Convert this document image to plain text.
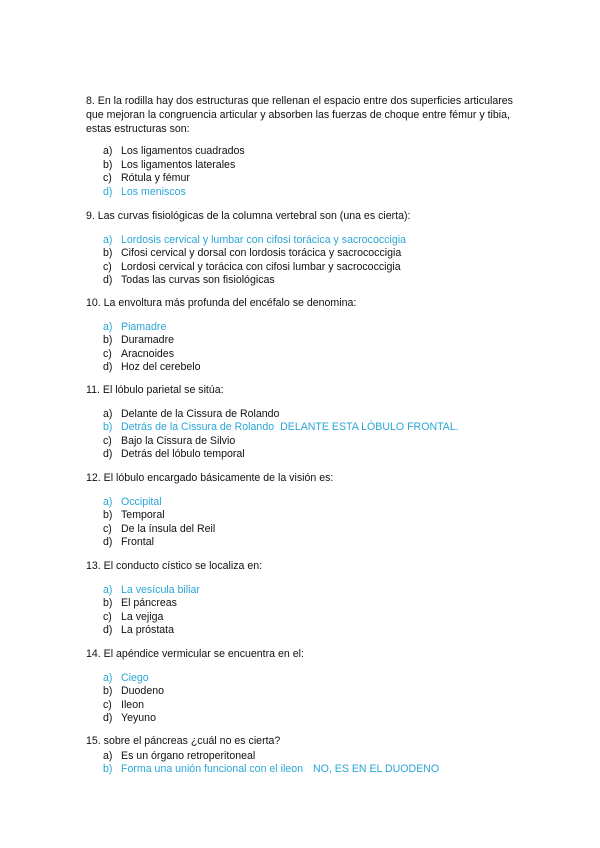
8. En la rodilla hay dos estructuras que rellenan el espacio entre dos superficies articulares que mejoran la congruencia articular y absorben las fuerzas de choque entre fémur y tibia, estas estructuras son:

a) Los ligamentos cuadrados
b) Los ligamentos laterales
c) Rótula y fémur
d) Los meniscos

9. Las curvas fisiológicas de la columna vertebral son (una es cierta):

a) Lordosis cervical y lumbar con cifosi torácica y sacrococcigia
b) Cifosi cervical y dorsal con lordosis torácica y sacrococcigia
c) Lordosi cervical y torácica con cifosi lumbar y sacrococcigia
d) Todas las curvas son fisiológicas

10. La envoltura más profunda del encéfalo se denomina:

a) Piamadre
b) Duramadre
c) Aracnoides
d) Hoz del cerebelo

11. El lóbulo parietal se sitúa:

a) Delante de la Cissura de Rolando
b) Detrás de la Cissura de Rolando DELANTE ESTA LÓBULO FRONTAL.
c) Bajo la Cissura de Silvio
d) Detrás del lóbulo temporal

12. El lóbulo encargado básicamente de la visión es:

a) Occipital
b) Temporal
c) De la ínsula del Reil
d) Frontal

13. El conducto cístico se localiza en:

a) La vesícula biliar
b) El páncreas
c) La vejiga
d) La próstata

14. El apéndice vermicular se encuentra en el:

a) Ciego
b) Duodeno
c) Ileon
d) Yeyuno

15. sobre el páncreas ¿cuál no es cierta?

a) Es un órgano retroperitoneal
b) Forma una unión funcional con el ileon NO, ES EN EL DUODENO
